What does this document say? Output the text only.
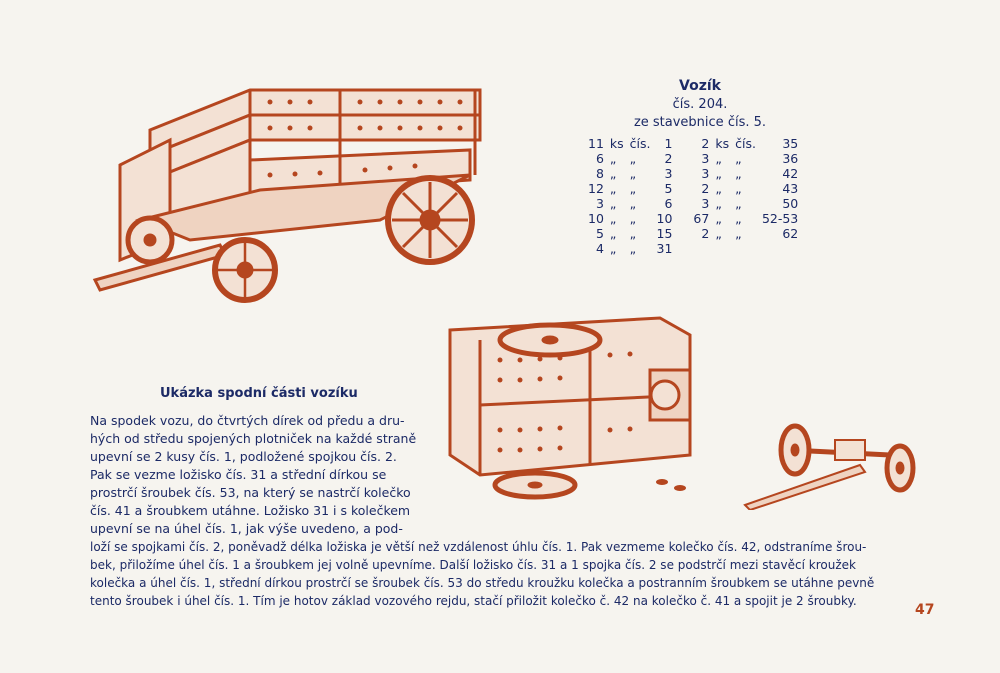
Vozík
čís. 204.
ze stavebnice čís. 5.
11	ks	čís.	1	2	ks	čís.	35
6	„	„	2	3	„	„	36
8	„	„	3	3	„	„	42
12	„	„	5	2	„	„	43
3	„	„	6	3	„	„	50
10	„	„	10	67	„	„	52-53
5	„	„	15	2	„	„	62
4	„	„	31				
Ukázka spodní části vozíku
Na spodek vozu, do čtvrtých dírek od předu a dru-
hých od středu spojených plotniček na každé straně
upevní se 2 kusy čís. 1, podložené spojkou čís. 2.
Pak se vezme ložisko čís. 31 a střední dírkou se
prostrčí šroubek čís. 53, na který se nastrčí kolečko
čís. 41 a šroubkem utáhne. Ložisko 31 i s kolečkem
upevní se na úhel čís. 1, jak výše uvedeno, a pod-
loží se spojkami čís. 2, poněvadž délka ložiska je větší než vzdálenost úhlu čís. 1. Pak vezmeme kolečko čís. 42, odstraníme šrou-
bek, přiložíme úhel čís. 1 a šroubkem jej volně upevníme. Další ložisko čís. 31 a 1 spojka čís. 2 se podstrčí mezi stavěcí kroužek
kolečka a úhel čís. 1, střední dírkou prostrčí se šroubek čís. 53 do středu kroužku kolečka a postranním šroubkem se utáhne pevně
tento šroubek i úhel čís. 1. Tím je hotov základ vozového rejdu, stačí přiložit kolečko č. 42 na kolečko č. 41 a spojit je 2 šroubky.
47
